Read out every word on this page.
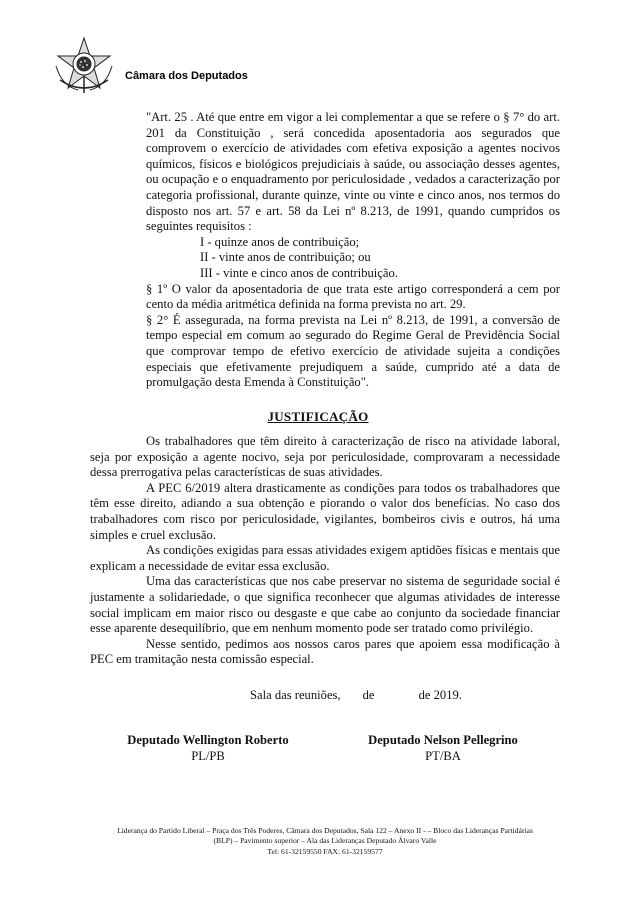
Câmara dos Deputados

"Art. 25 . Até que entre em vigor a lei complementar a que se refere o § 7° do art. 201 da Constituição , será concedida aposentadoria aos segurados que comprovem o exercício de atividades com efetiva exposição a agentes nocivos químicos, físicos e biológicos prejudiciais à saúde, ou associação desses agentes, ou ocupação e o enquadramento por periculosidade , vedados a caracterização por categoria profissional, durante quinze, vinte ou vinte e cinco anos, nos termos do disposto nos art. 57 e art. 58 da Lei nº 8.213, de 1991, quando cumpridos os seguintes requisitos :

I - quinze anos de contribuição;

II - vinte anos de contribuição; ou

III - vinte e cinco anos de contribuição.

§ 1º O valor da aposentadoria de que trata este artigo corresponderá a cem por cento da média aritmética definida na forma prevista no art. 29.

§ 2° É assegurada, na forma prevista na Lei nº 8.213, de 1991, a conversão de tempo especial em comum ao segurado do Regime Geral de Previdência Social que comprovar tempo de efetivo exercício de atividade sujeita a condições especiais que efetivamente prejudiquem a saúde, cumprido até a data de promulgação desta Emenda à Constituição".

JUSTIFICAÇÃO

Os trabalhadores que têm direito à caracterização de risco na atividade laboral, seja por exposição a agente nocivo, seja por periculosidade, comprovaram a necessidade dessa prerrogativa pelas características de suas atividades.

A PEC 6/2019 altera drasticamente as condições para todos os trabalhadores que têm esse direito, adiando a sua obtenção e piorando o valor dos benefícias. No caso dos trabalhadores com risco por periculosidade, vigilantes, bombeiros civis e outros, há uma simples e cruel exclusão.

As condições exigidas para essas atividades exigem aptidões físicas e mentais que explicam a necessidade de evitar essa exclusão.

Uma das características que nos cabe preservar no sistema de seguridade social é justamente a solidariedade, o que significa reconhecer que algumas atividades de interesse social implicam em maior risco ou desgaste e que cabe ao conjunto da sociedade financiar esse aparente desequilíbrio, que em nenhum momento pode ser tratado como privilégio.

Nesse sentido, pedimos aos nossos caros pares que apoiem essa modificação à PEC em tramitação nesta comissão especial.

Sala das reuniões,       de              de 2019.
Deputado Wellington Roberto
PL/PB
Deputado Nelson Pellegrino
PT/BA
Liderança do Partido Liberal – Praça dos Três Poderes, Câmara dos Deputados, Sala 122 – Anexo II - – Bloco das Lideranças Partidárias
(BLP) – Pavimento superior – Ala das Lideranças Deputado Álvaro Valle
Tel: 61-32159550 FAX: 61-32159577
